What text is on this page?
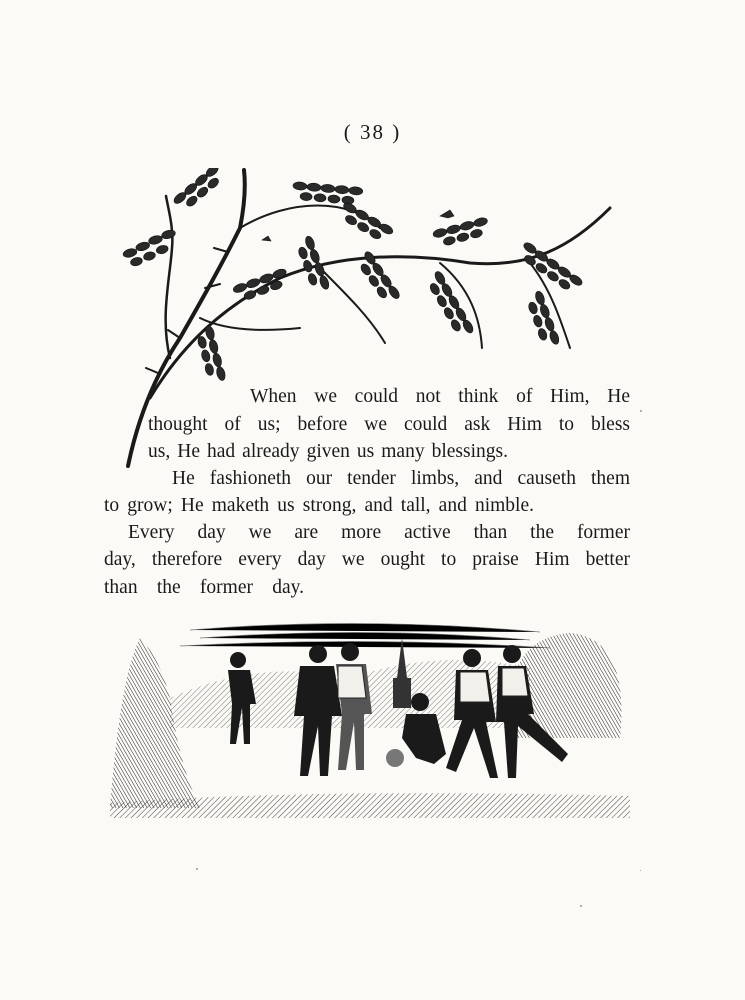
( 38 )
When we could not think of Him, He
thought of us; before we could ask Him to bless
us, He had already given us many blessings.
He fashioneth our tender limbs, and causeth them
to grow; He maketh us strong, and tall, and nimble.
Every day we are more active than the former
day, therefore every day we ought to praise Him better
than the former day.
